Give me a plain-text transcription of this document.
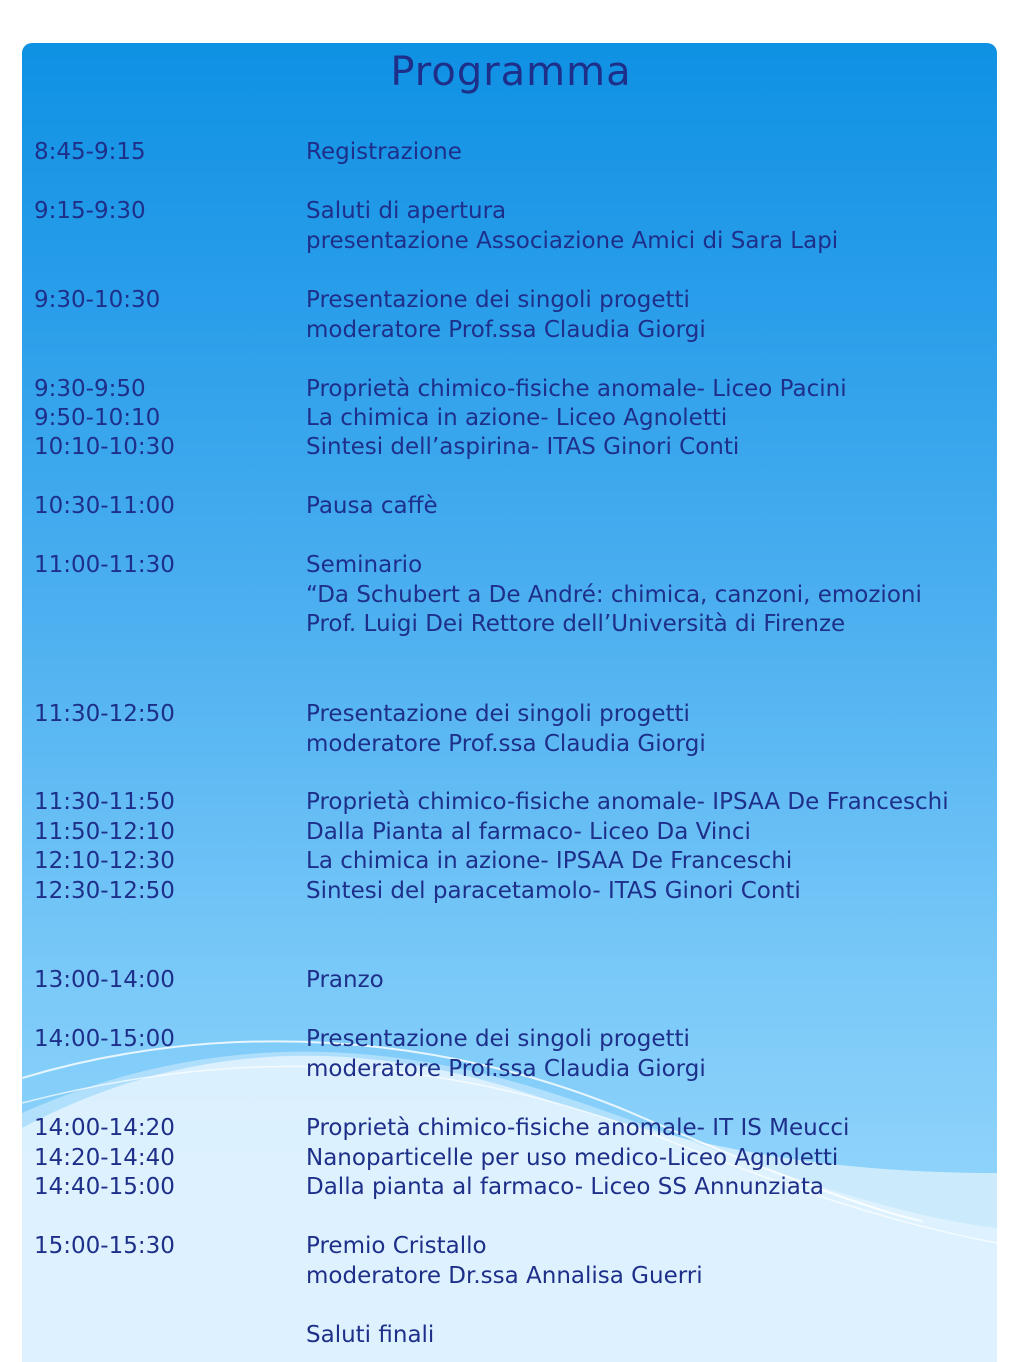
Programma
8:45-9:15	Registrazione
9:15-9:30	Saluti di apertura
presentazione Associazione Amici di Sara Lapi
9:30-10:30	Presentazione dei singoli progetti
moderatore Prof.ssa Claudia Giorgi
9:30-9:50	Proprietà chimico-fisiche anomale- Liceo Pacini
9:50-10:10	La chimica in azione- Liceo Agnoletti
10:10-10:30	Sintesi dell’aspirina- ITAS Ginori Conti
10:30-11:00	Pausa caffè
11:00-11:30	Seminario
“Da Schubert a De André: chimica, canzoni, emozioni
Prof. Luigi Dei Rettore dell’Università di Firenze
11:30-12:50	Presentazione dei singoli progetti
moderatore Prof.ssa Claudia Giorgi
11:30-11:50	Proprietà chimico-fisiche anomale- IPSAA De Franceschi
11:50-12:10	Dalla Pianta al farmaco- Liceo Da Vinci
12:10-12:30	La chimica in azione- IPSAA De Franceschi
12:30-12:50	Sintesi del paracetamolo- ITAS Ginori Conti
13:00-14:00	Pranzo
14:00-15:00	Presentazione dei singoli progetti
moderatore Prof.ssa Claudia Giorgi
14:00-14:20	Proprietà chimico-fisiche anomale- IT IS Meucci
14:20-14:40	Nanoparticelle per uso medico-Liceo Agnoletti
14:40-15:00	Dalla pianta al farmaco- Liceo SS Annunziata
15:00-15:30	Premio Cristallo
moderatore Dr.ssa Annalisa Guerri
Saluti finali
